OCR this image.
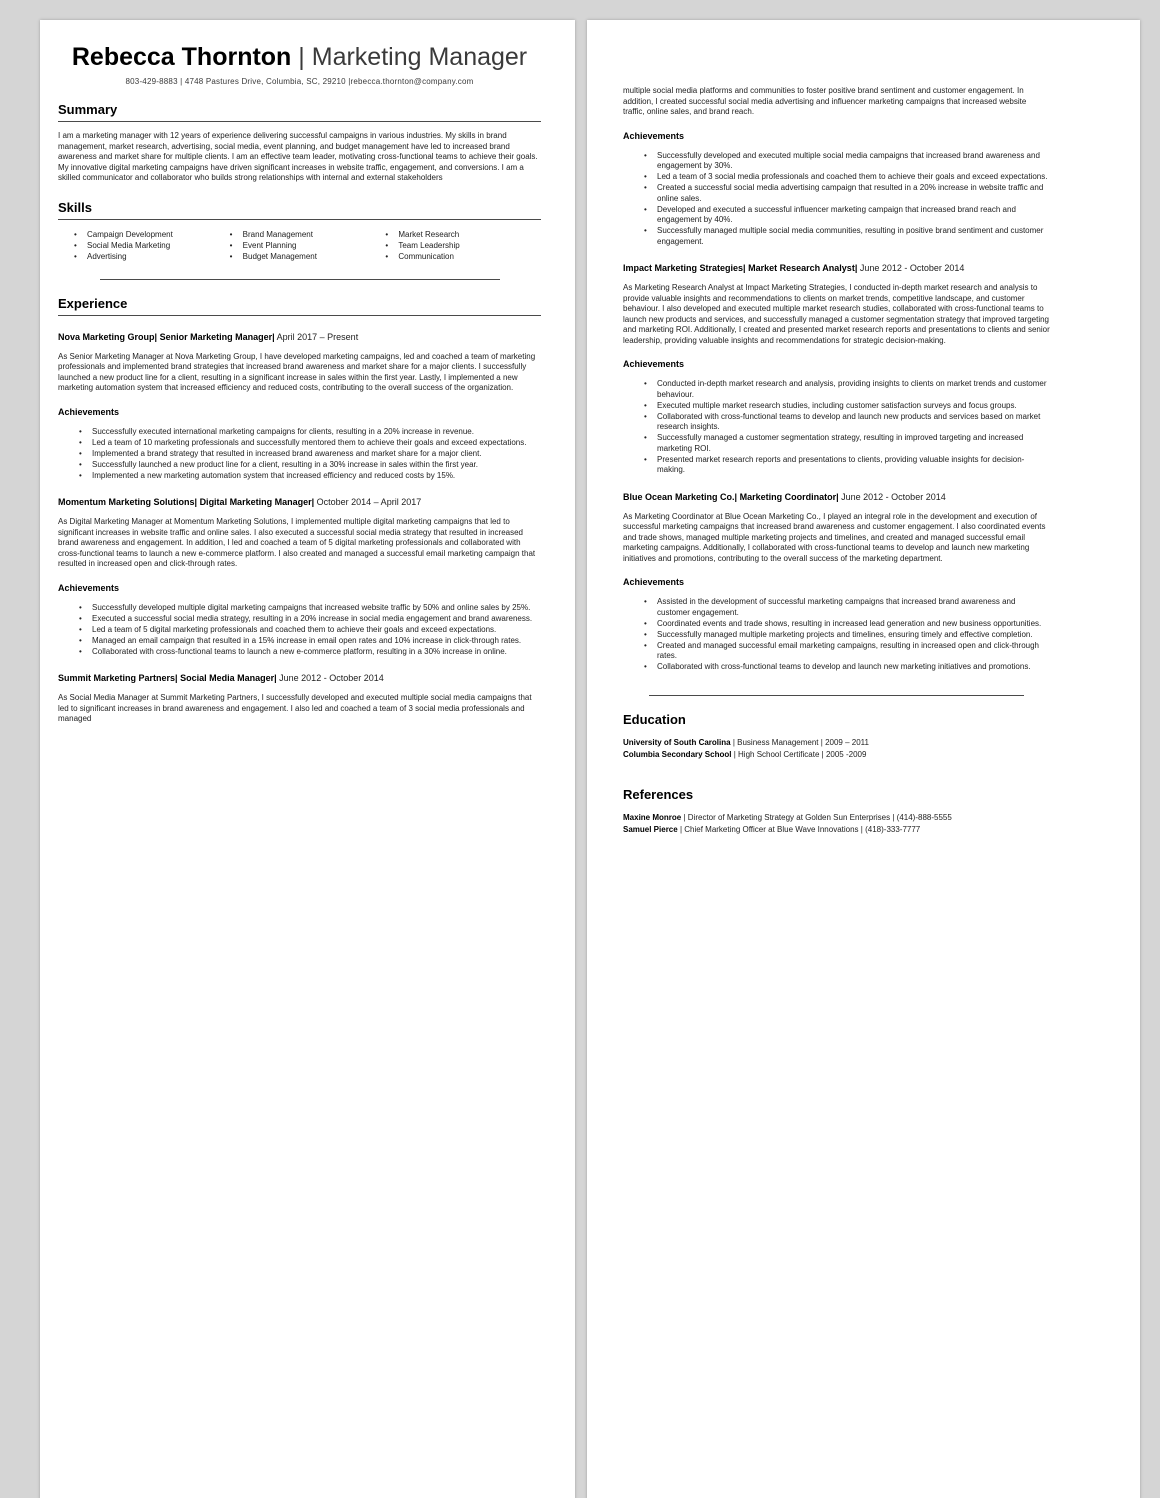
Rebecca Thornton | Marketing Manager
803-429-8883 | 4748 Pastures Drive, Columbia, SC, 29210 |rebecca.thornton@company.com
Summary

I am a marketing manager with 12 years of experience delivering successful campaigns in various industries. My skills in brand management, market research, advertising, social media, event planning, and budget management have led to increased brand awareness and market share for multiple clients. I am an effective team leader, motivating cross-functional teams to achieve their goals. My innovative digital marketing campaigns have driven significant increases in website traffic, engagement, and conversions. I am a skilled communicator and collaborator who builds strong relationships with internal and external stakeholders

Skills
• Campaign Development
• Social Media Marketing
• Advertising
• Brand Management
• Event Planning
• Budget Management
• Market Research
• Team Leadership
• Communication
Experience
Nova Marketing Group| Senior Marketing Manager| April 2017 – Present

As Senior Marketing Manager at Nova Marketing Group, I have developed marketing campaigns, led and coached a team of marketing professionals and implemented brand strategies that increased brand awareness and market share for a major clients. I successfully launched a new product line for a client, resulting in a significant increase in sales within the first year. Lastly, I implemented a new marketing automation system that increased efficiency and reduced costs, contributing to the overall success of the organization.

Achievements
• Successfully executed international marketing campaigns for clients, resulting in a 20% increase in revenue.
• Led a team of 10 marketing professionals and successfully mentored them to achieve their goals and exceed expectations.
• Implemented a brand strategy that resulted in increased brand awareness and market share for a major client.
• Successfully launched a new product line for a client, resulting in a 30% increase in sales within the first year.
• Implemented a new marketing automation system that increased efficiency and reduced costs by 15%.
Momentum Marketing Solutions| Digital Marketing Manager| October 2014 – April 2017

As Digital Marketing Manager at Momentum Marketing Solutions, I implemented multiple digital marketing campaigns that led to significant increases in website traffic and online sales. I also executed a successful social media strategy that resulted in increased brand awareness and engagement. In addition, I led and coached a team of 5 digital marketing professionals and collaborated with cross-functional teams to launch a new e-commerce platform. I also created and managed a successful email marketing campaign that resulted in increased open and click-through rates.

Achievements
• Successfully developed multiple digital marketing campaigns that increased website traffic by 50% and online sales by 25%.
• Executed a successful social media strategy, resulting in a 20% increase in social media engagement and brand awareness.
• Led a team of 5 digital marketing professionals and coached them to achieve their goals and exceed expectations.
• Managed an email campaign that resulted in a 15% increase in email open rates and 10% increase in click-through rates.
• Collaborated with cross-functional teams to launch a new e-commerce platform, resulting in a 30% increase in online.
Summit Marketing Partners| Social Media Manager| June 2012 - October 2014

As Social Media Manager at Summit Marketing Partners, I successfully developed and executed multiple social media campaigns that led to significant increases in brand awareness and engagement. I also led and coached a team of 3 social media professionals and managed

multiple social media platforms and communities to foster positive brand sentiment and customer engagement. In addition, I created successful social media advertising and influencer marketing campaigns that increased website traffic, online sales, and brand reach.

Achievements
• Successfully developed and executed multiple social media campaigns that increased brand awareness and engagement by 30%.
• Led a team of 3 social media professionals and coached them to achieve their goals and exceed expectations.
• Created a successful social media advertising campaign that resulted in a 20% increase in website traffic and online sales.
• Developed and executed a successful influencer marketing campaign that increased brand reach and engagement by 40%.
• Successfully managed multiple social media communities, resulting in positive brand sentiment and customer engagement.
Impact Marketing Strategies| Market Research Analyst| June 2012 - October 2014

As Marketing Research Analyst at Impact Marketing Strategies, I conducted in-depth market research and analysis to provide valuable insights and recommendations to clients on market trends, competitive landscape, and customer behaviour. I also developed and executed multiple market research studies, collaborated with cross-functional teams to launch new products and services, and successfully managed a customer segmentation strategy that improved targeting and marketing ROI. Additionally, I created and presented market research reports and presentations to clients and senior leadership, providing valuable insights and recommendations for strategic decision-making.

Achievements
• Conducted in-depth market research and analysis, providing insights to clients on market trends and customer behaviour.
• Executed multiple market research studies, including customer satisfaction surveys and focus groups.
• Collaborated with cross-functional teams to develop and launch new products and services based on market research insights.
• Successfully managed a customer segmentation strategy, resulting in improved targeting and increased marketing ROI.
• Presented market research reports and presentations to clients, providing valuable insights for decision-making.
Blue Ocean Marketing Co.| Marketing Coordinator| June 2012 - October 2014

As Marketing Coordinator at Blue Ocean Marketing Co., I played an integral role in the development and execution of successful marketing campaigns that increased brand awareness and customer engagement. I also coordinated events and trade shows, managed multiple marketing projects and timelines, and created and managed successful email marketing campaigns. Additionally, I collaborated with cross-functional teams to develop and launch new marketing initiatives and promotions, contributing to the overall success of the marketing department.

Achievements
• Assisted in the development of successful marketing campaigns that increased brand awareness and customer engagement.
• Coordinated events and trade shows, resulting in increased lead generation and new business opportunities.
• Successfully managed multiple marketing projects and timelines, ensuring timely and effective completion.
• Created and managed successful email marketing campaigns, resulting in increased open and click-through rates.
• Collaborated with cross-functional teams to develop and launch new marketing initiatives and promotions.
Education
University of South Carolina | Business Management | 2009 – 2011
Columbia Secondary School | High School Certificate | 2005 -2009
References
Maxine Monroe | Director of Marketing Strategy at Golden Sun Enterprises | (414)-888-5555
Samuel Pierce | Chief Marketing Officer at Blue Wave Innovations | (418)-333-7777
